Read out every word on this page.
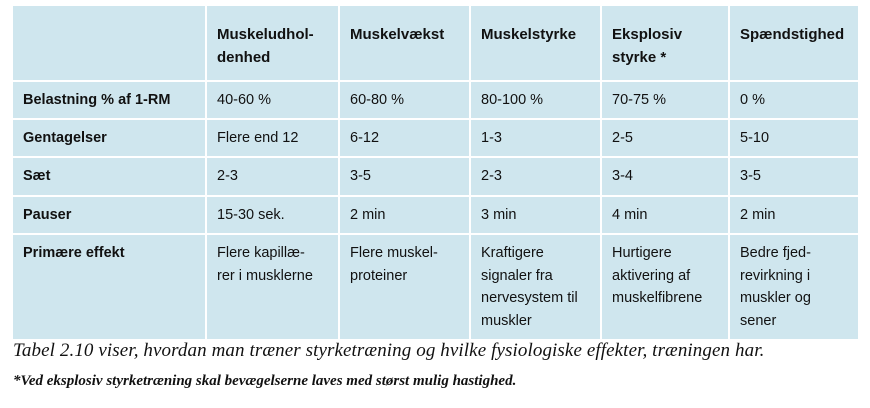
	Muskeludhol-
denhed	Muskelvækst	Muskelstyrke	Eksplosiv
styrke *	Spændstighed

Belastning % af 1-RM	40-60 %	60-80 %	80-100 %	70-75 %	0 %

Gentagelser	Flere end 12	6-12	1-3	2-5	5-10

Sæt	2-3	3-5	2-3	3-4	3-5

Pauser	15-30 sek.	2 min	3 min	4 min	2 min

Primære effekt	Flere kapillæ-
rer i musklerne	Flere muskel-
proteiner	Kraftigere
signaler fra
nervesystem til
muskler	Hurtigere
aktivering af
muskelfibrene	Bedre fjed-
revirkning i
muskler og
sener
Tabel 2.10 viser, hvordan man træner styrketræning og hvilke fysiologiske effekter, træningen har.
*Ved eksplosiv styrketræning skal bevægelserne laves med størst mulig hastighed.
